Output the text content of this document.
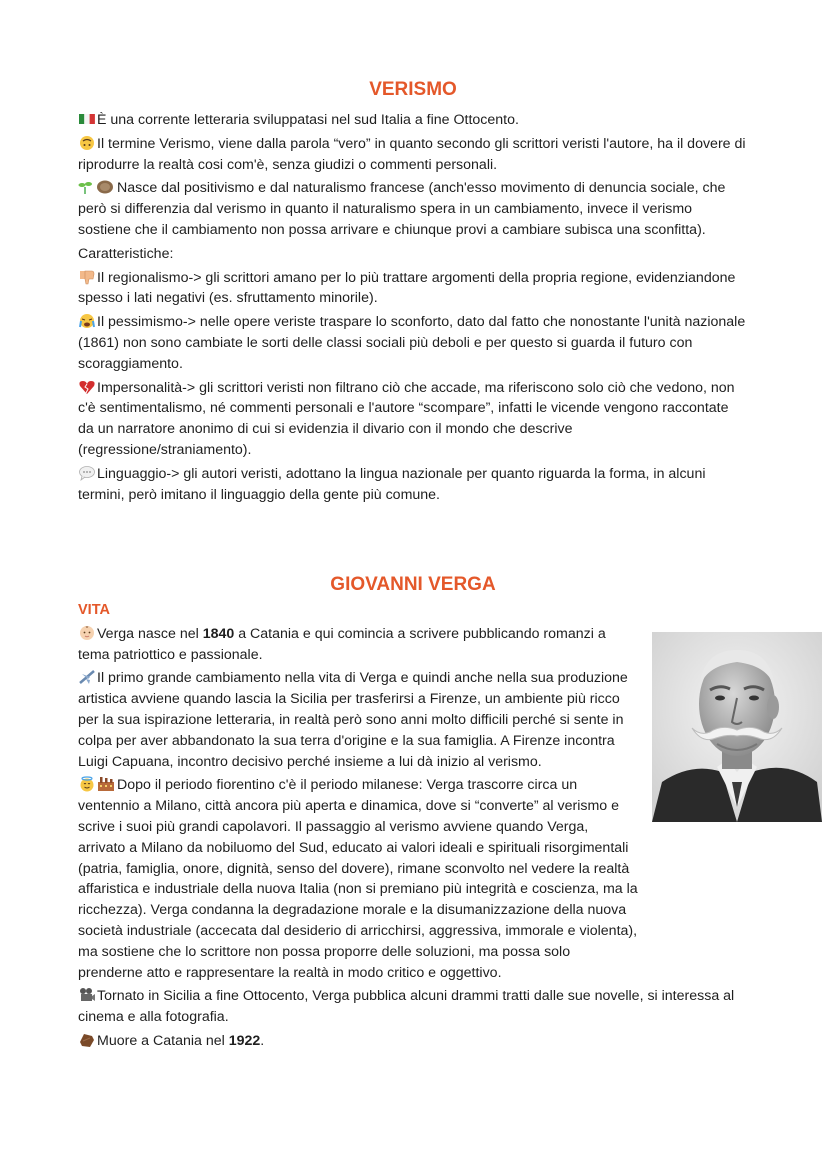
VERISMO

È una corrente letteraria sviluppatasi nel sud Italia a fine Ottocento.

Il termine Verismo, viene dalla parola “vero” in quanto secondo gli scrittori veristi l'autore, ha il dovere di riprodurre la realtà cosi com'è, senza giudizi o commenti personali.

Nasce dal positivismo e dal naturalismo francese (anch'esso movimento di denuncia sociale, che però si differenzia dal verismo in quanto il naturalismo spera in un cambiamento, invece il verismo sostiene che il cambiamento non possa arrivare e chiunque provi a cambiare subisca una sconfitta).

Caratteristiche:

Il regionalismo-> gli scrittori amano per lo più trattare argomenti della propria regione, evidenziandone spesso i lati negativi (es. sfruttamento minorile).

Il pessimismo-> nelle opere veriste traspare lo sconforto, dato dal fatto che nonostante l'unità nazionale (1861) non sono cambiate le sorti delle classi sociali più deboli e per questo si guarda il futuro con scoraggiamento.

Impersonalità-> gli scrittori veristi non filtrano ciò che accade, ma riferiscono solo ciò che vedono, non c'è sentimentalismo, né commenti personali e l'autore “scompare”, infatti le vicende vengono raccontate da un narratore anonimo di cui si evidenzia il divario con il mondo che descrive (regressione/straniamento).

Linguaggio-> gli autori veristi, adottano la lingua nazionale per quanto riguarda la forma, in alcuni termini, però imitano il linguaggio della gente più comune.

GIOVANNI VERGA

VITA

Verga nasce nel 1840 a Catania e qui comincia a scrivere pubblicando romanzi a tema patriottico e passionale.

Il primo grande cambiamento nella vita di Verga e quindi anche nella sua produzione artistica avviene quando lascia la Sicilia per trasferirsi a Firenze, un ambiente più ricco per la sua ispirazione letteraria, in realtà però sono anni molto difficili perché si sente in colpa per aver abbandonato la sua terra d'origine e la sua famiglia. A Firenze incontra Luigi Capuana, incontro decisivo perché insieme a lui dà inizio al verismo.

Dopo il periodo fiorentino c'è il periodo milanese: Verga trascorre circa un ventennio a Milano, città ancora più aperta e dinamica, dove si “converte” al verismo e scrive i suoi più grandi capolavori. Il passaggio al verismo avviene quando Verga, arrivato a Milano da nobiluomo del Sud, educato ai valori ideali e spirituali risorgimentali (patria, famiglia, onore, dignità, senso del dovere), rimane sconvolto nel vedere la realtà affaristica e industriale della nuova Italia (non si premiano più integrità e coscienza, ma la ricchezza). Verga condanna la degradazione morale e la disumanizzazione della nuova società industriale (accecata dal desiderio di arricchirsi, aggressiva, immorale e violenta), ma sostiene che lo scrittore non possa proporre delle soluzioni, ma possa solo prenderne atto e rappresentare la realtà in modo critico e oggettivo.

Tornato in Sicilia a fine Ottocento, Verga pubblica alcuni drammi tratti dalle sue novelle, si interessa al cinema e alla fotografia.

Muore a Catania nel 1922.
